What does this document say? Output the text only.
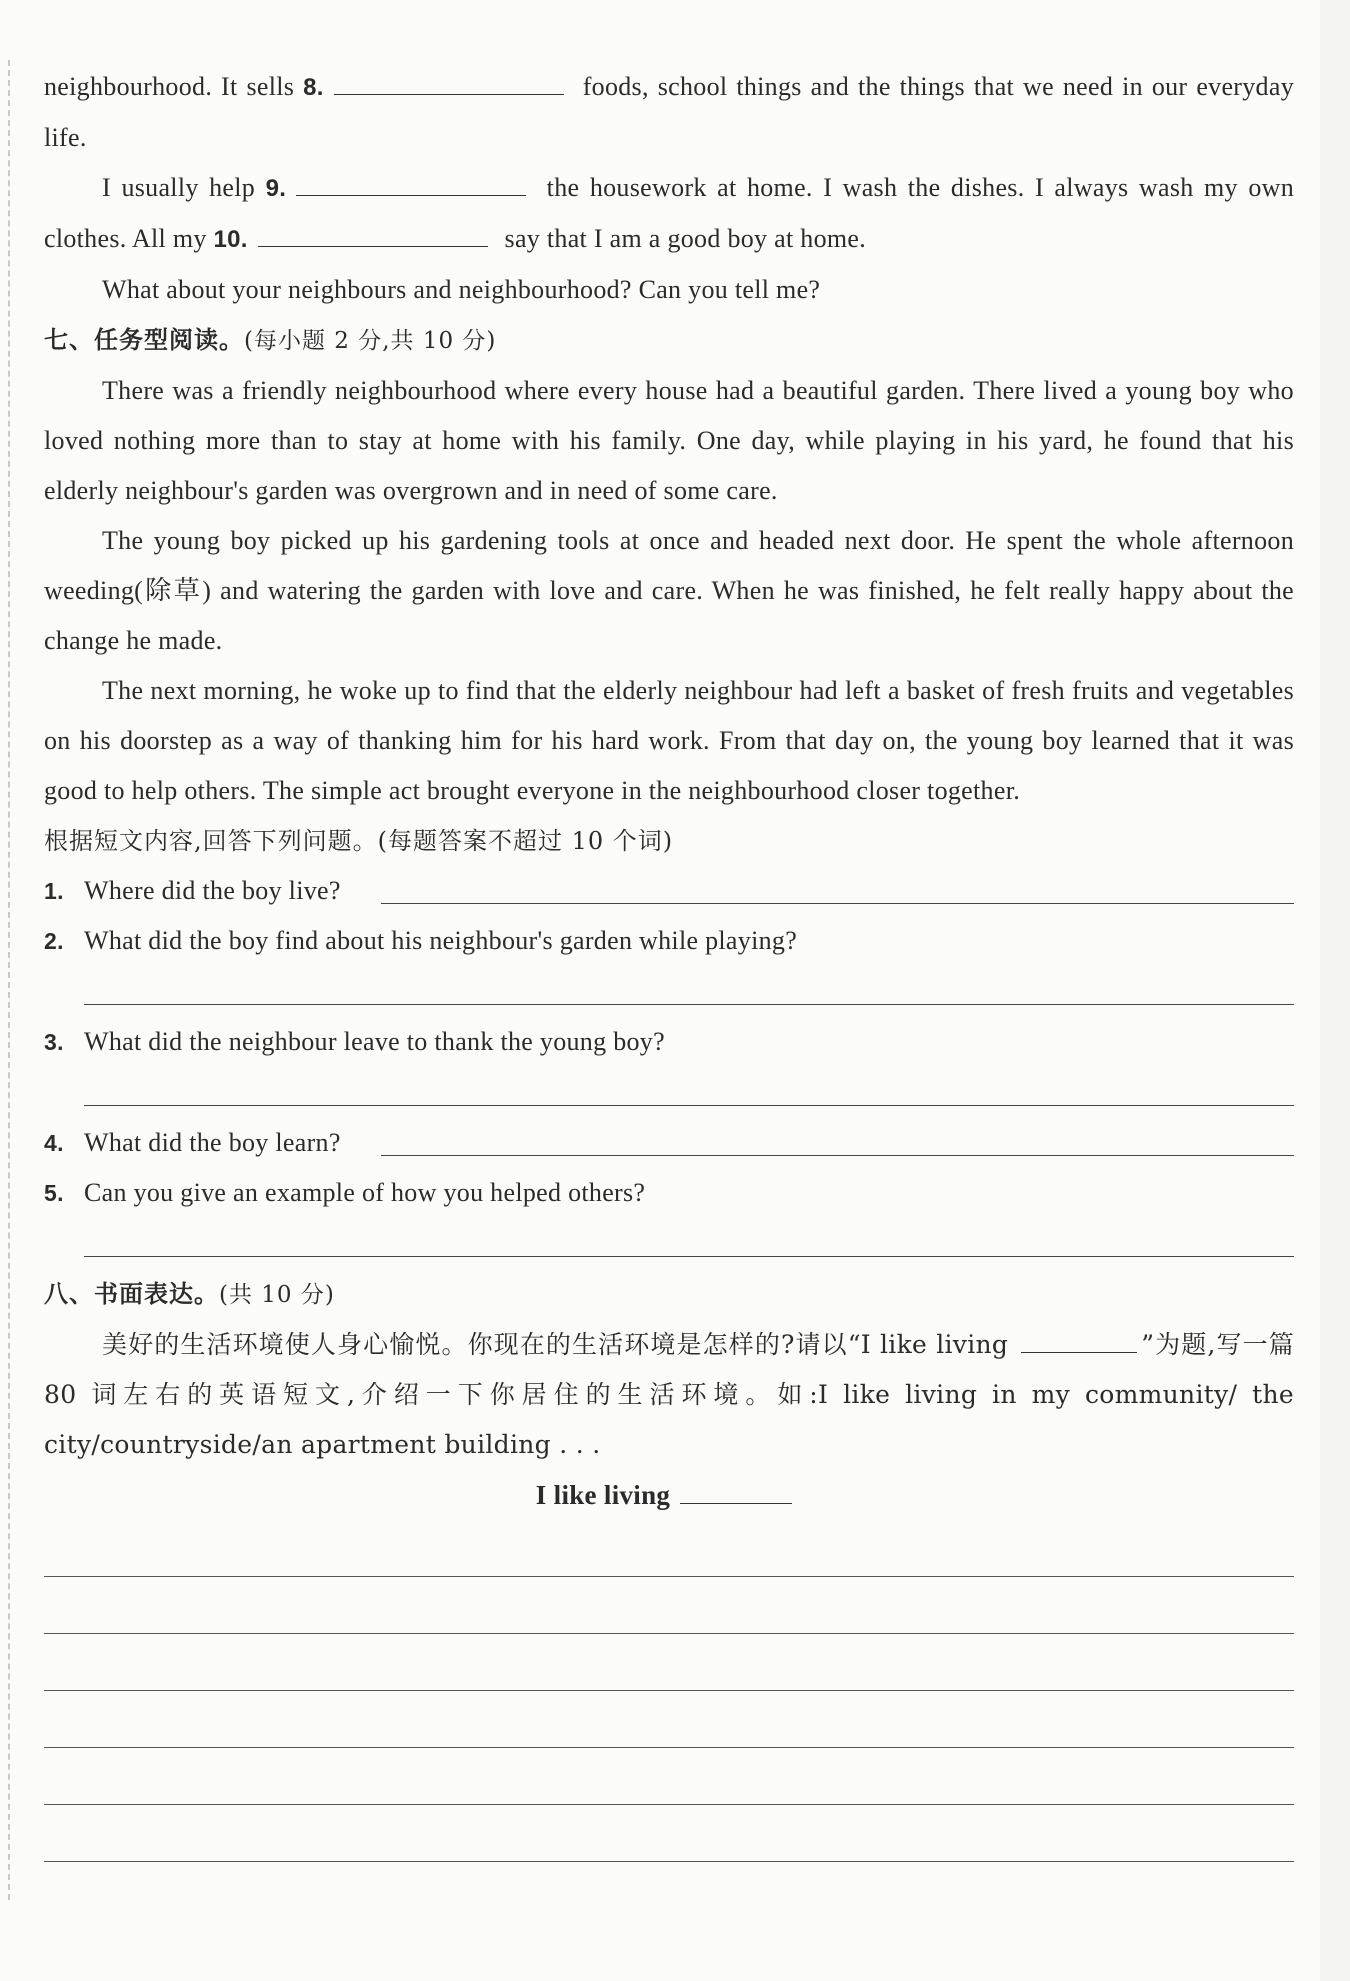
neighbourhood. It sells 8.	foods, school things and the things that we need in our everyday life.

I usually help 9.	the housework at home. I wash the dishes. I always wash my own clothes. All my 10.	say that I am a good boy at home.

What about your neighbours and neighbourhood? Can you tell me?

七、任务型阅读。(每小题 2 分,共 10 分)

There was a friendly neighbourhood where every house had a beautiful garden. There lived a young boy who loved nothing more than to stay at home with his family. One day, while playing in his yard, he found that his elderly neighbour's garden was overgrown and in need of some care.

The young boy picked up his gardening tools at once and headed next door. He spent the whole afternoon weeding(除草) and watering the garden with love and care. When he was finished, he felt really happy about the change he made.

The next morning, he woke up to find that the elderly neighbour had left a basket of fresh fruits and vegetables on his doorstep as a way of thanking him for his hard work. From that day on, the young boy learned that it was good to help others. The simple act brought everyone in the neighbourhood closer together.

根据短文内容,回答下列问题。(每题答案不超过 10 个词)

1. Where did the boy live?
2. What did the boy find about his neighbour's garden while playing?
3. What did the neighbour leave to thank the young boy?
4. What did the boy learn?
5. Can you give an example of how you helped others?

八、书面表达。(共 10 分)

美好的生活环境使人身心愉悦。你现在的生活环境是怎样的?请以“I like living	”为题,写一篇 80 词左右的英语短文,介绍一下你居住的生活环境。如:I like living in my community/ the city/countryside/an apartment building . . .

I like living
